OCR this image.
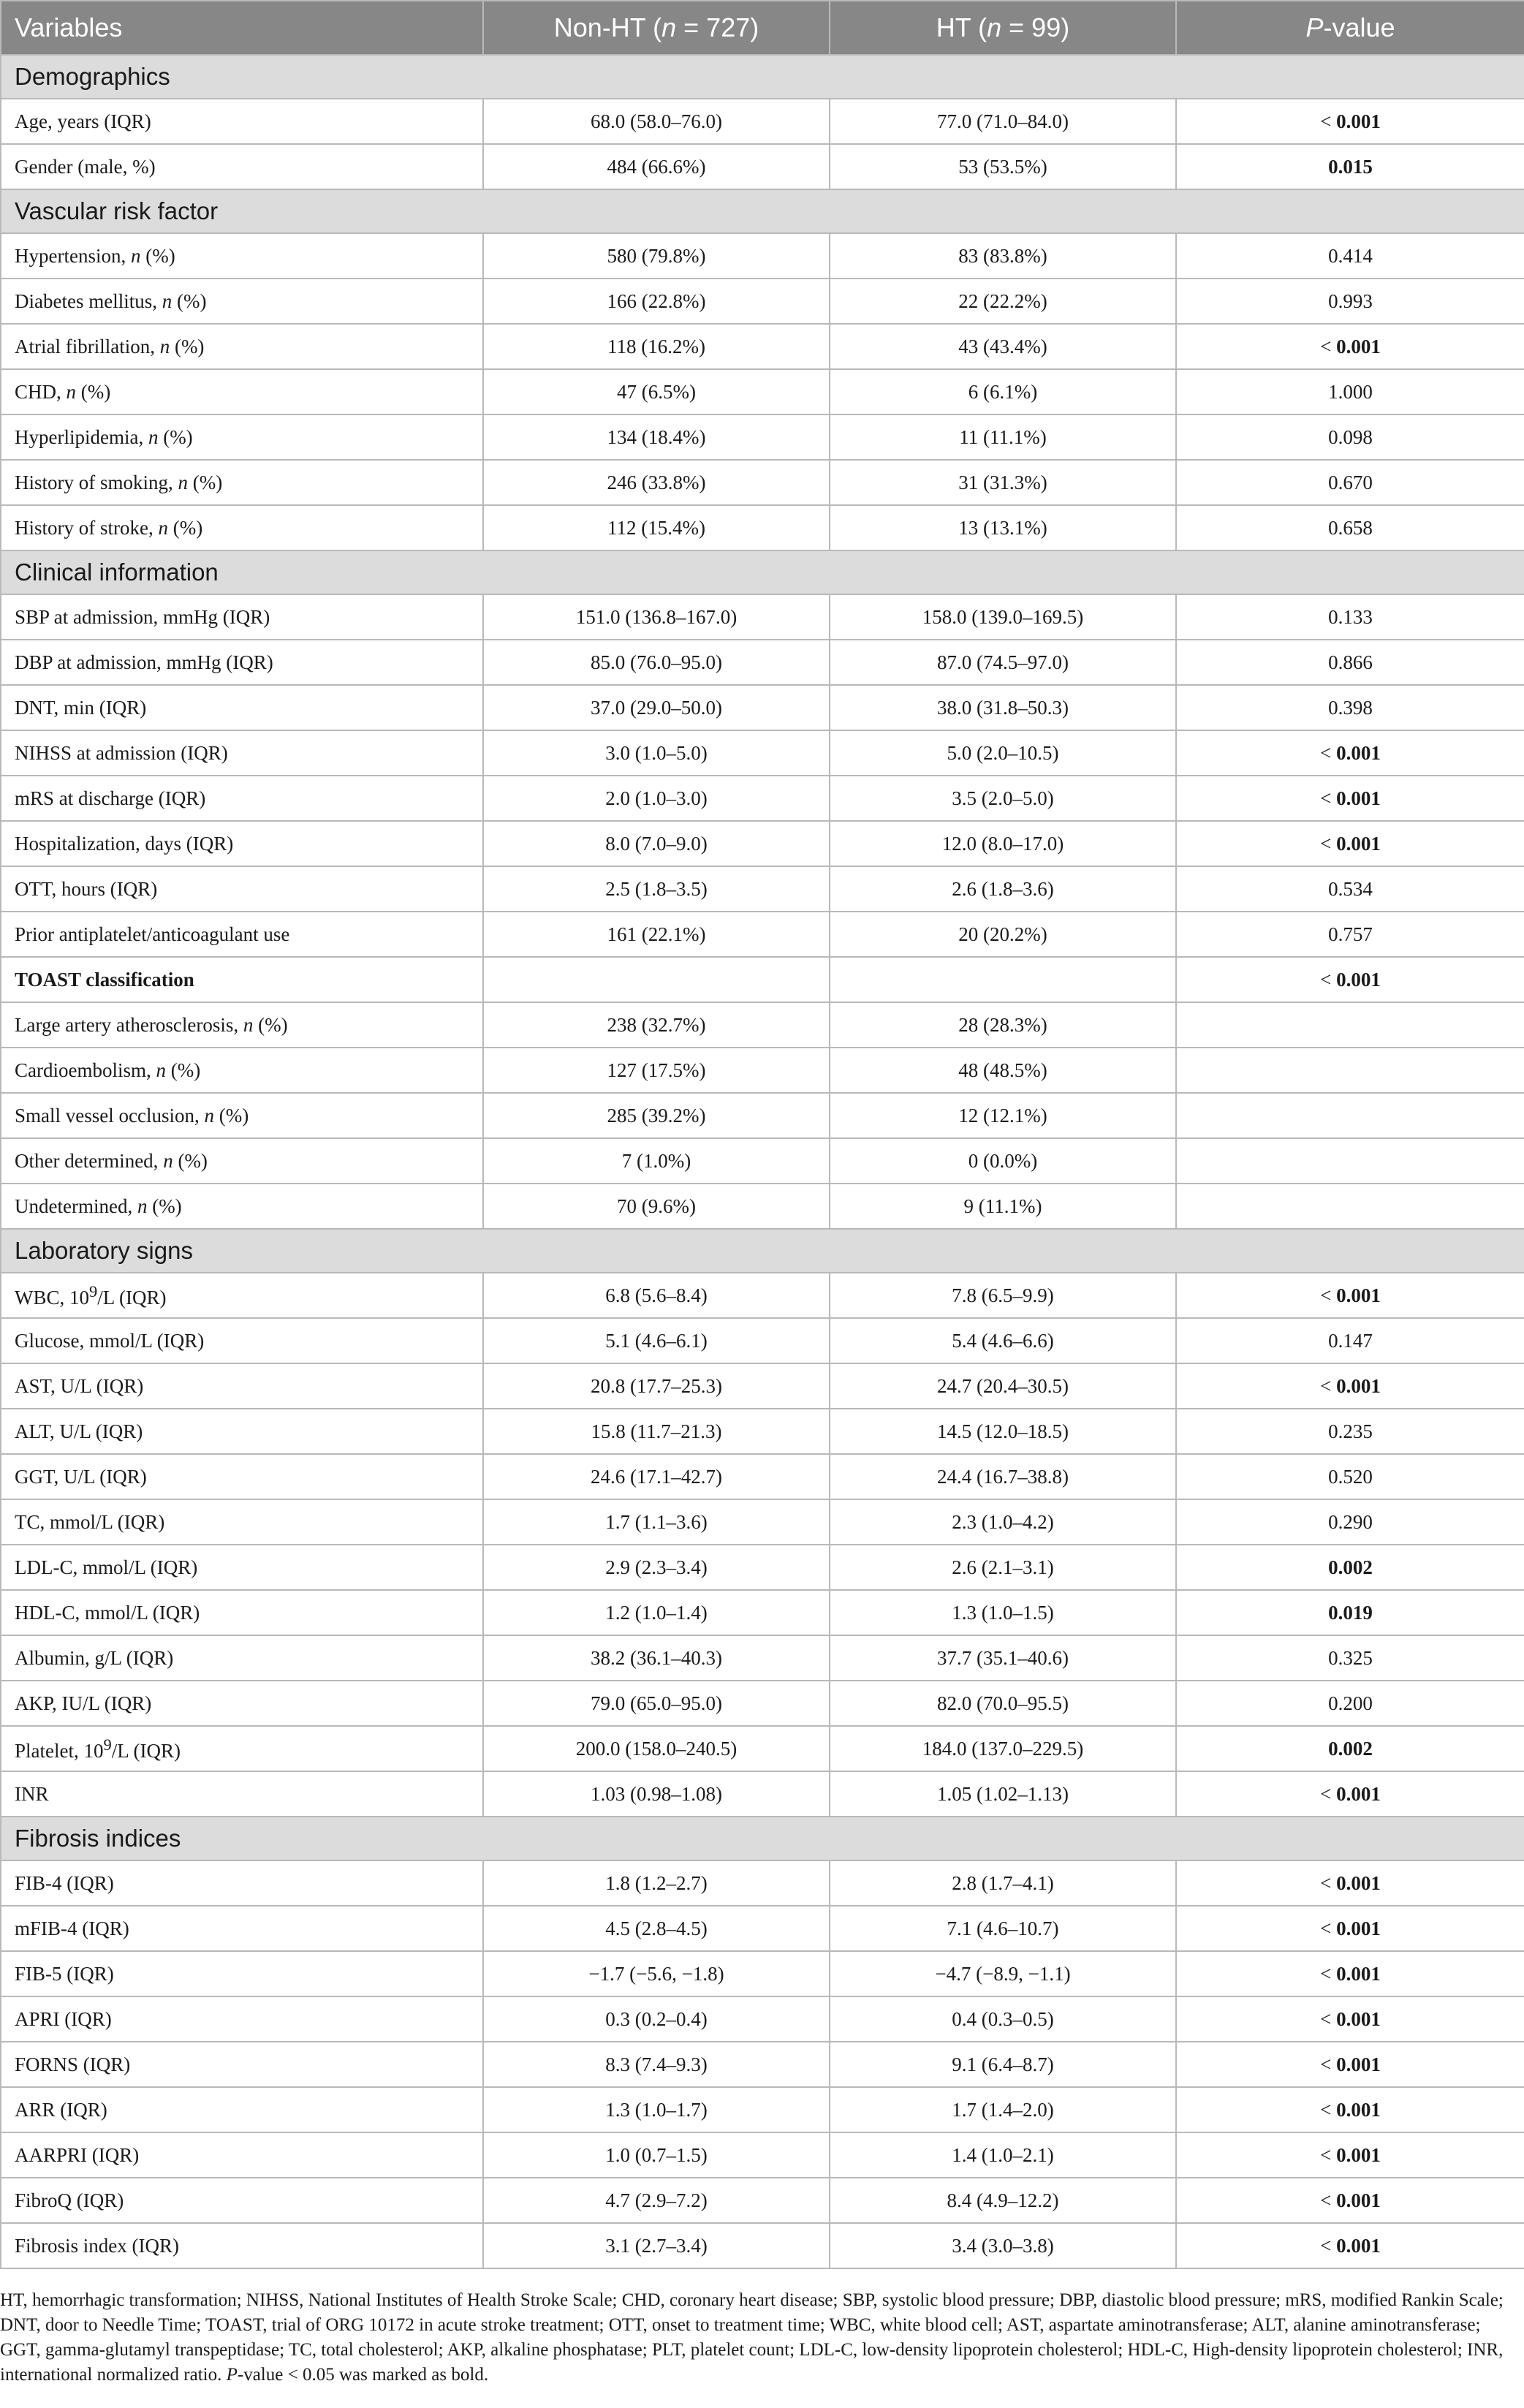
Variables	Non-HT (n = 727)	HT (n = 99)	P-value
Demographics			
Age, years (IQR)	68.0 (58.0–76.0)	77.0 (71.0–84.0)	< 0.001
Gender (male, %)	484 (66.6%)	53 (53.5%)	0.015
Vascular risk factor			
Hypertension, n (%)	580 (79.8%)	83 (83.8%)	0.414
Diabetes mellitus, n (%)	166 (22.8%)	22 (22.2%)	0.993
Atrial fibrillation, n (%)	118 (16.2%)	43 (43.4%)	< 0.001
CHD, n (%)	47 (6.5%)	6 (6.1%)	1.000
Hyperlipidemia, n (%)	134 (18.4%)	11 (11.1%)	0.098
History of smoking, n (%)	246 (33.8%)	31 (31.3%)	0.670
History of stroke, n (%)	112 (15.4%)	13 (13.1%)	0.658
Clinical information			
SBP at admission, mmHg (IQR)	151.0 (136.8–167.0)	158.0 (139.0–169.5)	0.133
DBP at admission, mmHg (IQR)	85.0 (76.0–95.0)	87.0 (74.5–97.0)	0.866
DNT, min (IQR)	37.0 (29.0–50.0)	38.0 (31.8–50.3)	0.398
NIHSS at admission (IQR)	3.0 (1.0–5.0)	5.0 (2.0–10.5)	< 0.001
mRS at discharge (IQR)	2.0 (1.0–3.0)	3.5 (2.0–5.0)	< 0.001
Hospitalization, days (IQR)	8.0 (7.0–9.0)	12.0 (8.0–17.0)	< 0.001
OTT, hours (IQR)	2.5 (1.8–3.5)	2.6 (1.8–3.6)	0.534
Prior antiplatelet/anticoagulant use	161 (22.1%)	20 (20.2%)	0.757
TOAST classification			< 0.001
Large artery atherosclerosis, n (%)	238 (32.7%)	28 (28.3%)	
Cardioembolism, n (%)	127 (17.5%)	48 (48.5%)	
Small vessel occlusion, n (%)	285 (39.2%)	12 (12.1%)	
Other determined, n (%)	7 (1.0%)	0 (0.0%)	
Undetermined, n (%)	70 (9.6%)	9 (11.1%)	
Laboratory signs			
WBC, $10^9/L$ (IQR)	6.8 (5.6–8.4)	7.8 (6.5–9.9)	< 0.001
Glucose, mmol/L (IQR)	5.1 (4.6–6.1)	5.4 (4.6–6.6)	0.147
AST, U/L (IQR)	20.8 (17.7–25.3)	24.7 (20.4–30.5)	< 0.001
ALT, U/L (IQR)	15.8 (11.7–21.3)	14.5 (12.0–18.5)	0.235
GGT, U/L (IQR)	24.6 (17.1–42.7)	24.4 (16.7–38.8)	0.520
TC, mmol/L (IQR)	1.7 (1.1–3.6)	2.3 (1.0–4.2)	0.290
LDL-C, mmol/L (IQR)	2.9 (2.3–3.4)	2.6 (2.1–3.1)	0.002
HDL-C, mmol/L (IQR)	1.2 (1.0–1.4)	1.3 (1.0–1.5)	0.019
Albumin, g/L (IQR)	38.2 (36.1–40.3)	37.7 (35.1–40.6)	0.325
AKP, IU/L (IQR)	79.0 (65.0–95.0)	82.0 (70.0–95.5)	0.200
Platelet, $10^9/L$ (IQR)	200.0 (158.0–240.5)	184.0 (137.0–229.5)	0.002
INR	1.03 (0.98–1.08)	1.05 (1.02–1.13)	< 0.001
Fibrosis indices			
FIB-4 (IQR)	1.8 (1.2–2.7)	2.8 (1.7–4.1)	< 0.001
mFIB-4 (IQR)	4.5 (2.8–4.5)	7.1 (4.6–10.7)	< 0.001
FIB-5 (IQR)	−1.7 (−5.6, −1.8)	−4.7 (−8.9, −1.1)	< 0.001
APRI (IQR)	0.3 (0.2–0.4)	0.4 (0.3–0.5)	< 0.001
FORNS (IQR)	8.3 (7.4–9.3)	9.1 (6.4–8.7)	< 0.001
ARR (IQR)	1.3 (1.0–1.7)	1.7 (1.4–2.0)	< 0.001
AARPRI (IQR)	1.0 (0.7–1.5)	1.4 (1.0–2.1)	< 0.001
FibroQ (IQR)	4.7 (2.9–7.2)	8.4 (4.9–12.2)	< 0.001
Fibrosis index (IQR)	3.1 (2.7–3.4)	3.4 (3.0–3.8)	< 0.001
HT, hemorrhagic transformation; NIHSS, National Institutes of Health Stroke Scale; CHD, coronary heart disease; SBP, systolic blood pressure; DBP, diastolic blood pressure; mRS, modified Rankin Scale; DNT, door to Needle Time; TOAST, trial of ORG 10172 in acute stroke treatment; OTT, onset to treatment time; WBC, white blood cell; AST, aspartate aminotransferase; ALT, alanine aminotransferase; GGT, gamma-glutamyl transpeptidase; TC, total cholesterol; AKP, alkaline phosphatase; PLT, platelet count; LDL-C, low-density lipoprotein cholesterol; HDL-C, High-density lipoprotein cholesterol; INR, international normalized ratio. P-value < 0.05 was marked as bold.
